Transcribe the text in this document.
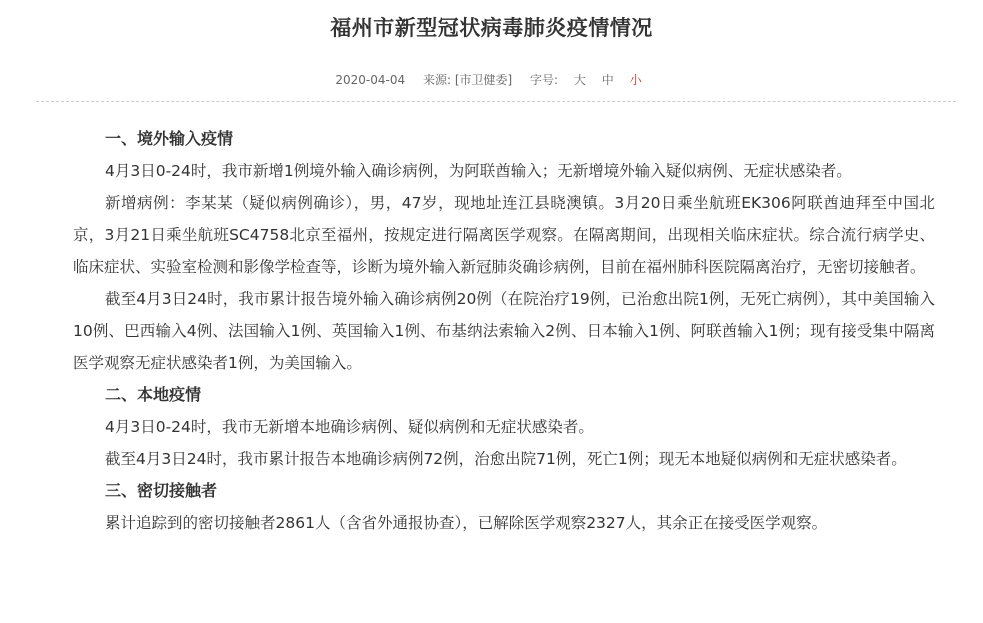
福州市新型冠状病毒肺炎疫情情况
2020-04-04 来源: [市卫健委] 字号: 大 中 小

一、境外输入疫情

4月3日0-24时，我市新增1例境外输入确诊病例，为阿联酋输入；无新增境外输入疑似病例、无症状感染者。

新增病例：李某某（疑似病例确诊），男，47岁，现地址连江县晓澳镇。3月20日乘坐航班EK306阿联酋迪拜至中国北京，3月21日乘坐航班SC4758北京至福州，按规定进行隔离医学观察。在隔离期间，出现相关临床症状。综合流行病学史、临床症状、实验室检测和影像学检查等，诊断为境外输入新冠肺炎确诊病例，目前在福州肺科医院隔离治疗，无密切接触者。

截至4月3日24时，我市累计报告境外输入确诊病例20例（在院治疗19例，已治愈出院1例，无死亡病例），其中美国输入10例、巴西输入4例、法国输入1例、英国输入1例、布基纳法索输入2例、日本输入1例、阿联酋输入1例；现有接受集中隔离医学观察无症状感染者1例，为美国输入。

二、本地疫情

4月3日0-24时，我市无新增本地确诊病例、疑似病例和无症状感染者。

截至4月3日24时，我市累计报告本地确诊病例72例，治愈出院71例，死亡1例；现无本地疑似病例和无症状感染者。

三、密切接触者

累计追踪到的密切接触者2861人（含省外通报协查），已解除医学观察2327人，其余正在接受医学观察。
